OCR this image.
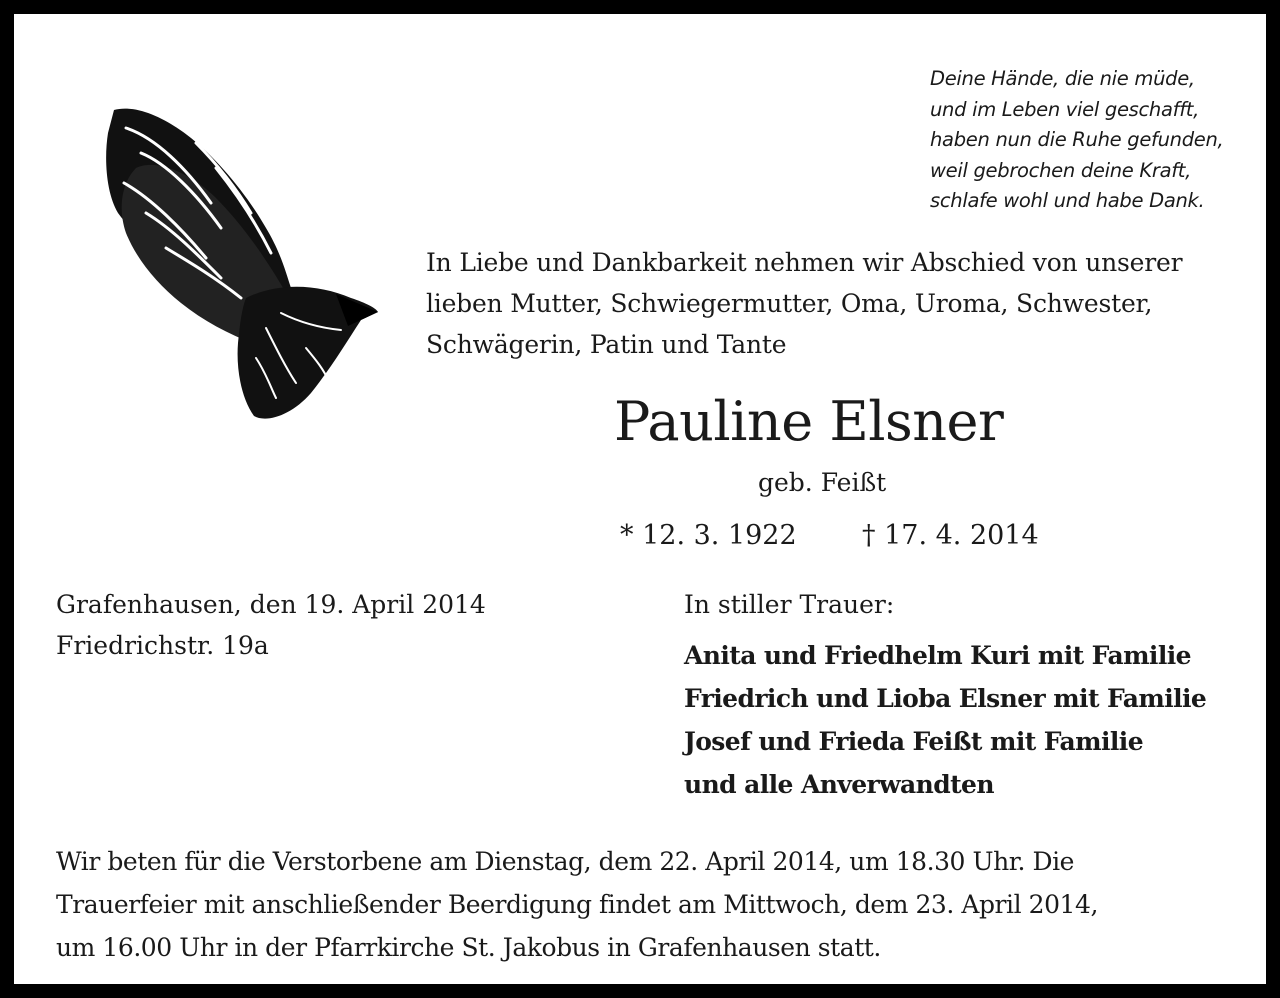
Deine Hände, die nie müde,
und im Leben viel geschafft,
haben nun die Ruhe gefunden,
weil gebrochen deine Kraft,
schlafe wohl und habe Dank.
In Liebe und Dankbarkeit nehmen wir Abschied von unserer
lieben Mutter, Schwiegermutter, Oma, Uroma, Schwester,
Schwägerin, Patin und Tante
Pauline Elsner
geb. Feißt
* 12. 3. 1922 † 17. 4. 2014
Grafenhausen, den 19. April 2014
Friedrichstr. 19a
In stiller Trauer:
Anita und Friedhelm Kuri mit Familie
Friedrich und Lioba Elsner mit Familie
Josef und Frieda Feißt mit Familie
und alle Anverwandten
Wir beten für die Verstorbene am Dienstag, dem 22. April 2014, um 18.30 Uhr. Die
Trauerfeier mit anschließender Beerdigung findet am Mittwoch, dem 23. April 2014,
um 16.00 Uhr in der Pfarrkirche St. Jakobus in Grafenhausen statt.
